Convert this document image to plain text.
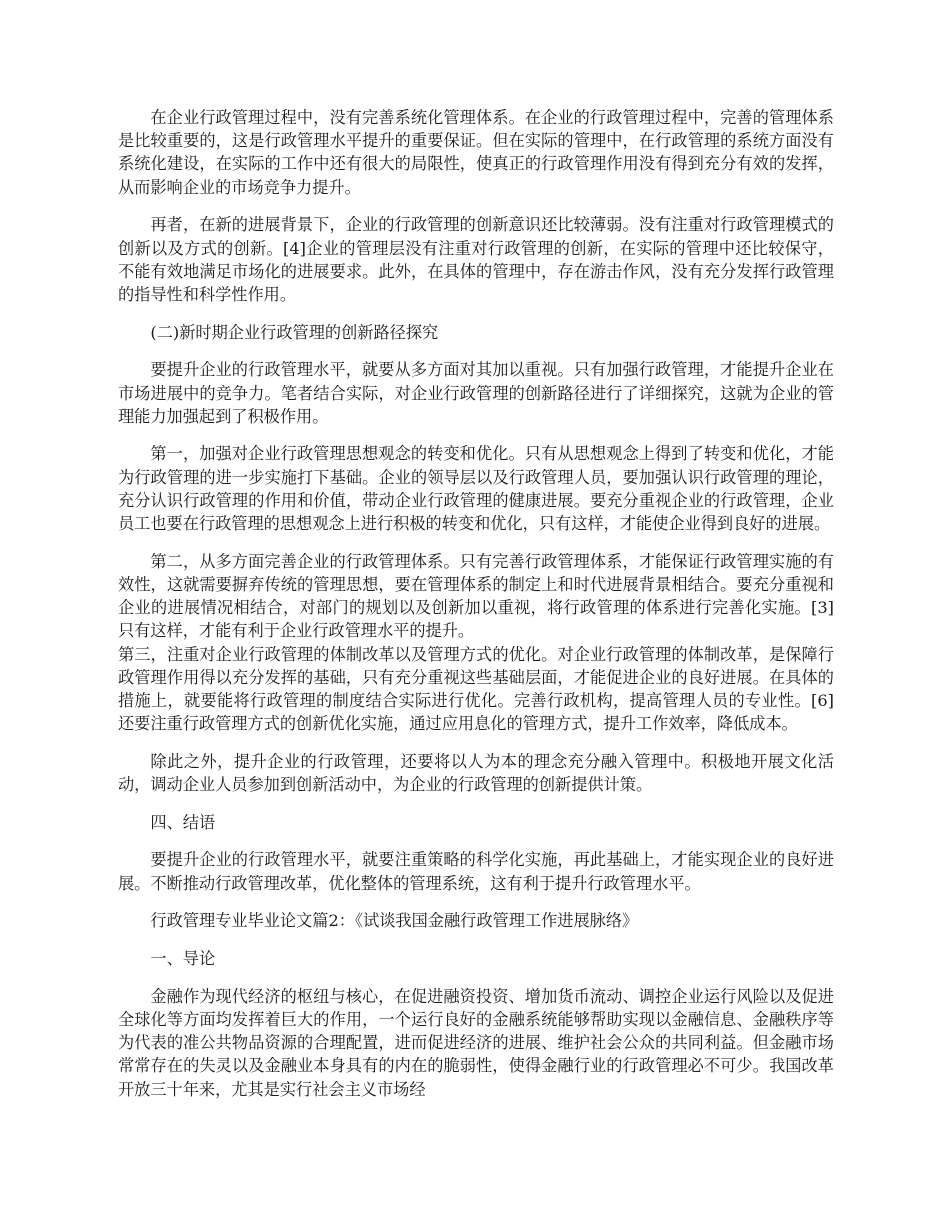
在企业行政管理过程中，没有完善系统化管理体系。在企业的行政管理过程中，完善的管理体系是比较重要的，这是行政管理水平提升的重要保证。但在实际的管理中，在行政管理的系统方面没有系统化建设，在实际的工作中还有很大的局限性，使真正的行政管理作用没有得到充分有效的发挥，从而影响企业的市场竞争力提升。

再者，在新的进展背景下，企业的行政管理的创新意识还比较薄弱。没有注重对行政管理模式的创新以及方式的创新。[4]企业的管理层没有注重对行政管理的创新，在实际的管理中还比较保守，不能有效地满足市场化的进展要求。此外，在具体的管理中，存在游击作风，没有充分发挥行政管理的指导性和科学性作用。

(二)新时期企业行政管理的创新路径探究

要提升企业的行政管理水平，就要从多方面对其加以重视。只有加强行政管理，才能提升企业在市场进展中的竞争力。笔者结合实际，对企业行政管理的创新路径进行了详细探究，这就为企业的管理能力加强起到了积极作用。

第一，加强对企业行政管理思想观念的转变和优化。只有从思想观念上得到了转变和优化，才能为行政管理的进一步实施打下基础。企业的领导层以及行政管理人员，要加强认识行政管理的理论，充分认识行政管理的作用和价值，带动企业行政管理的健康进展。要充分重视企业的行政管理，企业员工也要在行政管理的思想观念上进行积极的转变和优化，只有这样，才能使企业得到良好的进展。

第二，从多方面完善企业的行政管理体系。只有完善行政管理体系，才能保证行政管理实施的有效性，这就需要摒弃传统的管理思想，要在管理体系的制定上和时代进展背景相结合。要充分重视和企业的进展情况相结合，对部门的规划以及创新加以重视，将行政管理的体系进行完善化实施。[3]只有这样，才能有利于企业行政管理水平的提升。

第三，注重对企业行政管理的体制改革以及管理方式的优化。对企业行政管理的体制改革，是保障行政管理作用得以充分发挥的基础，只有充分重视这些基础层面，才能促进企业的良好进展。在具体的措施上，就要能将行政管理的制度结合实际进行优化。完善行政机构，提高管理人员的专业性。[6]还要注重行政管理方式的创新优化实施，通过应用息化的管理方式，提升工作效率，降低成本。

除此之外，提升企业的行政管理，还要将以人为本的理念充分融入管理中。积极地开展文化活动，调动企业人员参加到创新活动中，为企业的行政管理的创新提供计策。

四、结语

要提升企业的行政管理水平，就要注重策略的科学化实施，再此基础上，才能实现企业的良好进展。不断推动行政管理改革，优化整体的管理系统，这有利于提升行政管理水平。

行政管理专业毕业论文篇2：《试谈我国金融行政管理工作进展脉络》

一、导论

金融作为现代经济的枢纽与核心，在促进融资投资、增加货币流动、调控企业运行风险以及促进全球化等方面均发挥着巨大的作用，一个运行良好的金融系统能够帮助实现以金融信息、金融秩序等为代表的准公共物品资源的合理配置，进而促进经济的进展、维护社会公众的共同利益。但金融市场常常存在的失灵以及金融业本身具有的内在的脆弱性，使得金融行业的行政管理必不可少。我国改革开放三十年来，尤其是实行社会主义市场经
